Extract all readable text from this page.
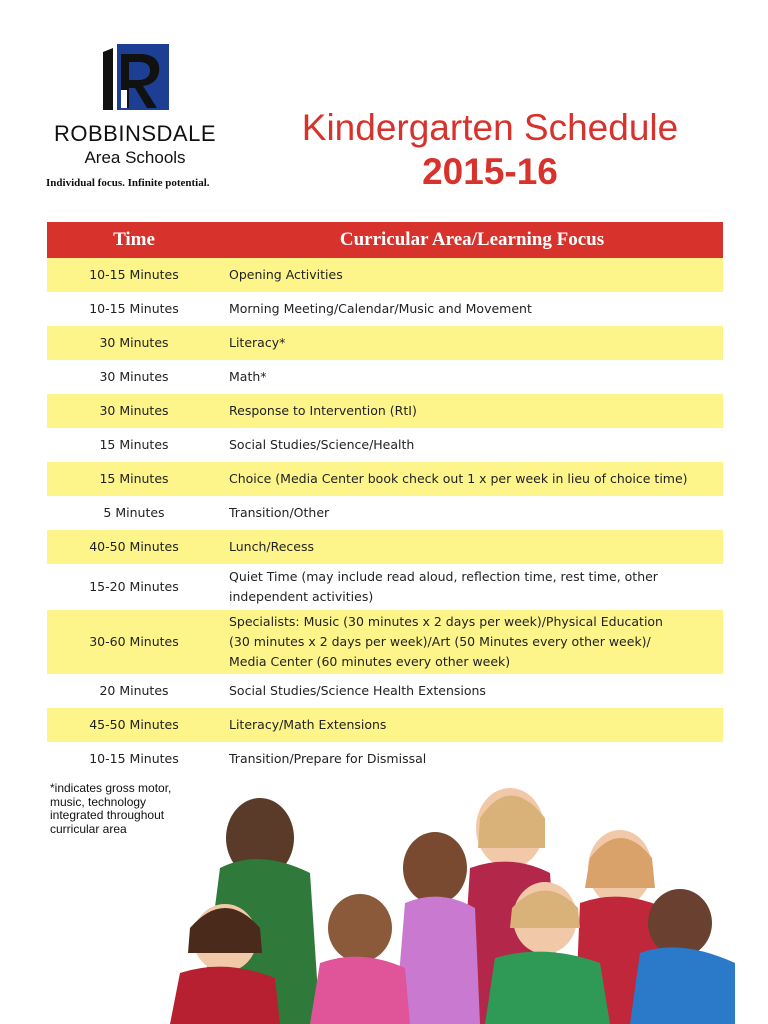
ROBBINSDALE
Area Schools
Individual focus. Infinite potential.
Kindergarten Schedule
2015-16
Time	Curricular Area/Learning Focus
10-15 Minutes	Opening Activities
10-15 Minutes	Morning Meeting/Calendar/Music and Movement
30 Minutes	Literacy*
30 Minutes	Math*
30 Minutes	Response to Intervention (RtI)
15 Minutes	Social Studies/Science/Health
15 Minutes	Choice (Media Center book check out 1 x per week in lieu of choice time)
5 Minutes	Transition/Other
40-50 Minutes	Lunch/Recess
15-20 Minutes	Quiet Time (may include read aloud, reflection time, rest time, other
independent activities)

30-60 Minutes	Specialists: Music (30 minutes x 2 days per week)/Physical Education
(30 minutes x 2 days per week)/Art (50 Minutes every other week)/
Media Center (60 minutes every other week)

20 Minutes	Social Studies/Science Health Extensions
45-50 Minutes	Literacy/Math Extensions
10-15 Minutes	Transition/Prepare for Dismissal
*indicates gross motor, music, technology integrated throughout curricular area
